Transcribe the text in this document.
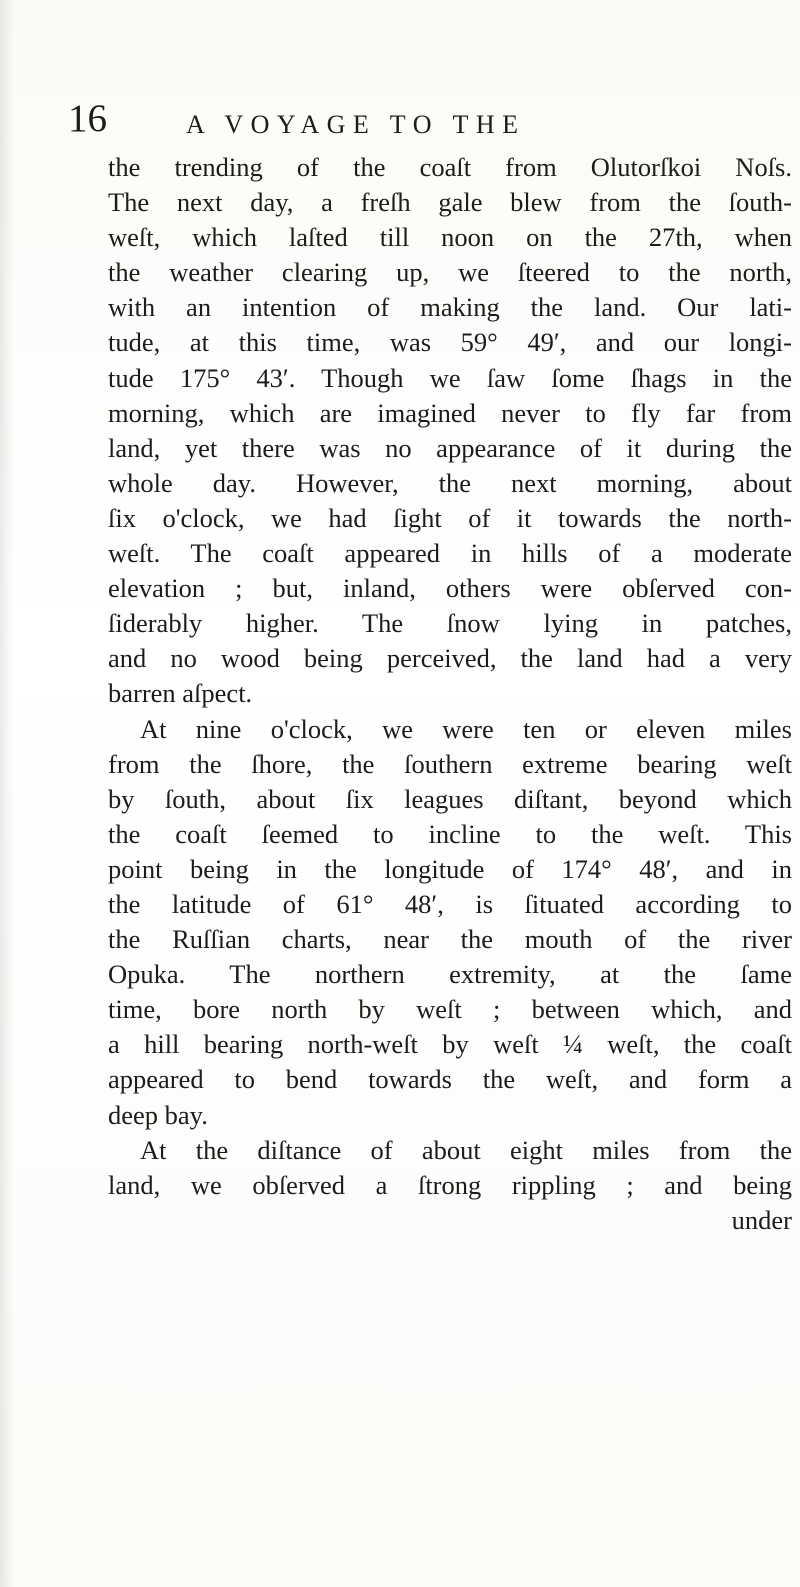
16	A VOYAGE TO THE
the trending of the coaſt from Olutorſkoi Noſs.
The next day, a freſh gale blew from the ſouth-
weſt, which laſted till noon on the 27th, when
the weather clearing up, we ſteered to the north,
with an intention of making the land. Our lati-
tude, at this time, was 59° 49′, and our longi-
tude 175° 43′. Though we ſaw ſome ſhags in the
morning, which are imagined never to fly far from
land, yet there was no appearance of it during the
whole day. However, the next morning, about
ſix o'clock, we had ſight of it towards the north-
weſt. The coaſt appeared in hills of a moderate
elevation ; but, inland, others were obſerved con-
ſiderably higher. The ſnow lying in patches,
and no wood being perceived, the land had a very
barren aſpect.
At nine o'clock, we were ten or eleven miles
from the ſhore, the ſouthern extreme bearing weſt
by ſouth, about ſix leagues diſtant, beyond which
the coaſt ſeemed to incline to the weſt. This
point being in the longitude of 174° 48′, and in
the latitude of 61° 48′, is ſituated according to
the Ruſſian charts, near the mouth of the river
Opuka. The northern extremity, at the ſame
time, bore north by weſt ; between which, and
a hill bearing north-weſt by weſt ¼ weſt, the coaſt
appeared to bend towards the weſt, and form a
deep bay.
At the diſtance of about eight miles from the
land, we obſerved a ſtrong rippling ; and being
under
